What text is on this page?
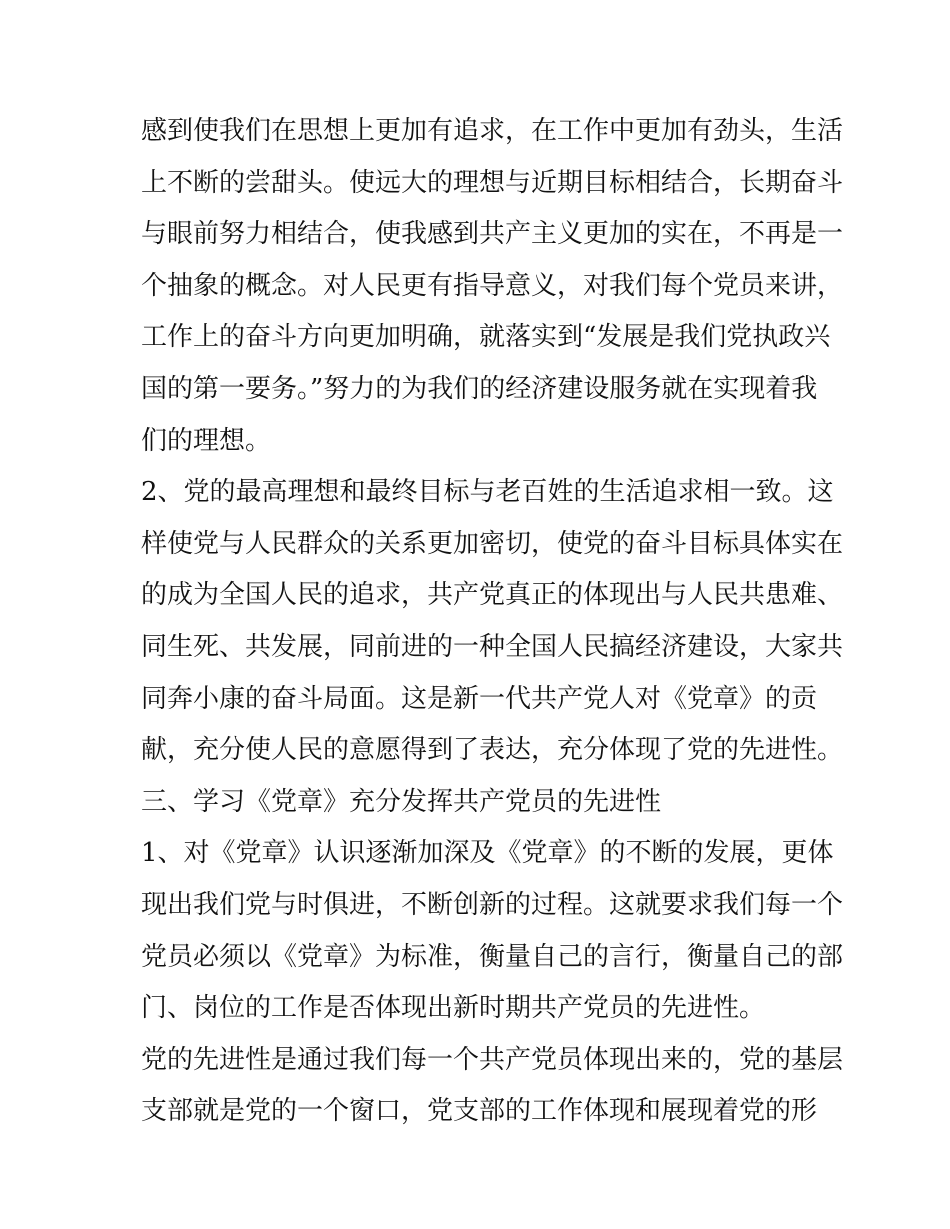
感到使我们在思想上更加有追求，在工作中更加有劲头，生活
上不断的尝甜头。使远大的理想与近期目标相结合，长期奋斗
与眼前努力相结合，使我感到共产主义更加的实在，不再是一
个抽象的概念。对人民更有指导意义，对我们每个党员来讲，
工作上的奋斗方向更加明确，就落实到“发展是我们党执政兴
国的第一要务。”努力的为我们的经济建设服务就在实现着我
们的理想。
2、党的最高理想和最终目标与老百姓的生活追求相一致。这
样使党与人民群众的关系更加密切，使党的奋斗目标具体实在
的成为全国人民的追求，共产党真正的体现出与人民共患难、
同生死、共发展，同前进的一种全国人民搞经济建设，大家共
同奔小康的奋斗局面。这是新一代共产党人对《党章》的贡
献，充分使人民的意愿得到了表达，充分体现了党的先进性。
三、学习《党章》充分发挥共产党员的先进性
1、对《党章》认识逐渐加深及《党章》的不断的发展，更体
现出我们党与时俱进，不断创新的过程。这就要求我们每一个
党员必须以《党章》为标准，衡量自己的言行，衡量自己的部
门、岗位的工作是否体现出新时期共产党员的先进性。
党的先进性是通过我们每一个共产党员体现出来的，党的基层
支部就是党的一个窗口，党支部的工作体现和展现着党的形
